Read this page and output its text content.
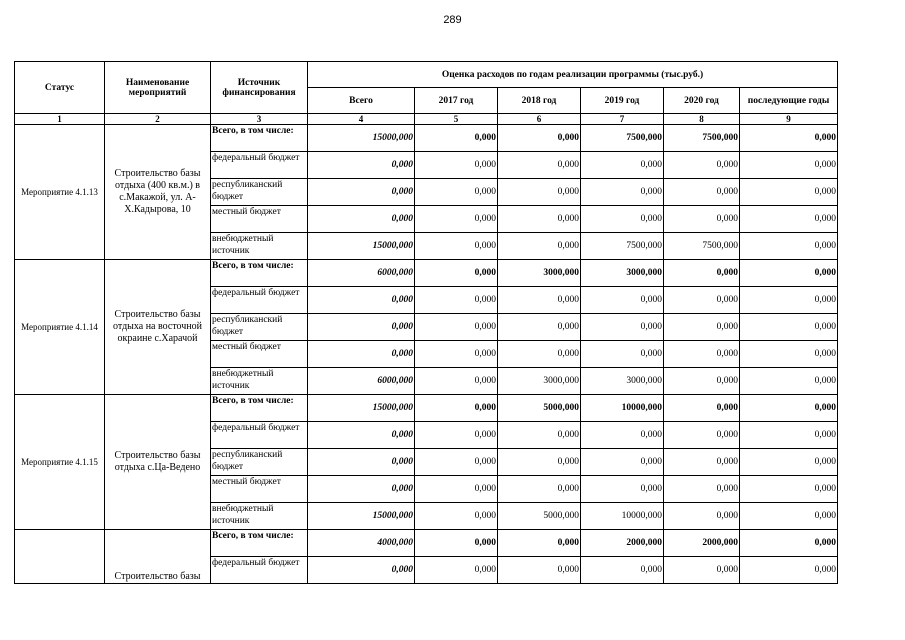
289
Статус	Наименование мероприятий	Источник финансирования	Оценка расходов по годам реализации программы (тыс.руб.)					
			Всего	2017 год	2018 год	2019 год	2020 год	последующие годы
1	2	3	4	5	6	7	8	9
Мероприятие 4.1.13	Строительство базы отдыха (400 кв.м.) в с.Макажой, ул. А-Х.Кадырова, 10	Всего, в том числе:	15000,000	0,000	0,000	7500,000	7500,000	0,000
		федеральный бюджет	0,000	0,000	0,000	0,000	0,000	0,000
		республиканский бюджет	0,000	0,000	0,000	0,000	0,000	0,000
		местный бюджет	0,000	0,000	0,000	0,000	0,000	0,000
		внебюджетный источник	15000,000	0,000	0,000	7500,000	7500,000	0,000
Мероприятие 4.1.14	Строительство базы отдыха на восточной окраине с.Харачой	Всего, в том числе:	6000,000	0,000	3000,000	3000,000	0,000	0,000
		федеральный бюджет	0,000	0,000	0,000	0,000	0,000	0,000
		республиканский бюджет	0,000	0,000	0,000	0,000	0,000	0,000
		местный бюджет	0,000	0,000	0,000	0,000	0,000	0,000
		внебюджетный источник	6000,000	0,000	3000,000	3000,000	0,000	0,000
Мероприятие 4.1.15	Строительство базы отдыха с.Ца-Ведено	Всего, в том числе:	15000,000	0,000	5000,000	10000,000	0,000	0,000
		федеральный бюджет	0,000	0,000	0,000	0,000	0,000	0,000
		республиканский бюджет	0,000	0,000	0,000	0,000	0,000	0,000
		местный бюджет	0,000	0,000	0,000	0,000	0,000	0,000
		внебюджетный источник	15000,000	0,000	5000,000	10000,000	0,000	0,000
	Строительство базы	Всего, в том числе:	4000,000	0,000	0,000	2000,000	2000,000	0,000
		федеральный бюджет	0,000	0,000	0,000	0,000	0,000	0,000
